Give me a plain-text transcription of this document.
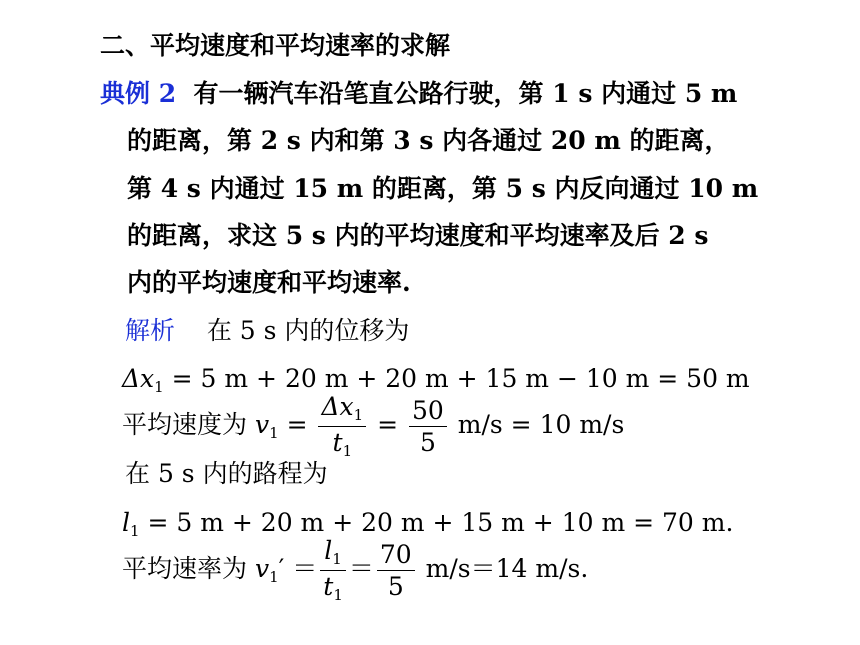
二、平均速度和平均速率的求解
典例 2 有一辆汽车沿笔直公路行驶，第 1 s 内通过 5 m
的距离，第 2 s 内和第 3 s 内各通过 20 m 的距离，
第 4 s 内通过 15 m 的距离，第 5 s 内反向通过 10 m
的距离，求这 5 s 内的平均速度和平均速率及后 2 s
内的平均速度和平均速率.
解析 在 5 s 内的位移为
$\Delta x_1 = 5$ m + 20 m + 20 m + 15 m − 10 m = 50 m
平均速度为 $v_1 = \frac{\Delta x_1}{t_1} = \frac{50}{5} m/s = 10$ m/s
在 5 s 内的路程为
$l_1 = 5$ m + 20 m + 20 m + 15 m + 10 m = 70 m.
平均速率为 $v_1' = \frac{l_1}{t_1} = \frac{70}{5} m/s=14$ m/s.
